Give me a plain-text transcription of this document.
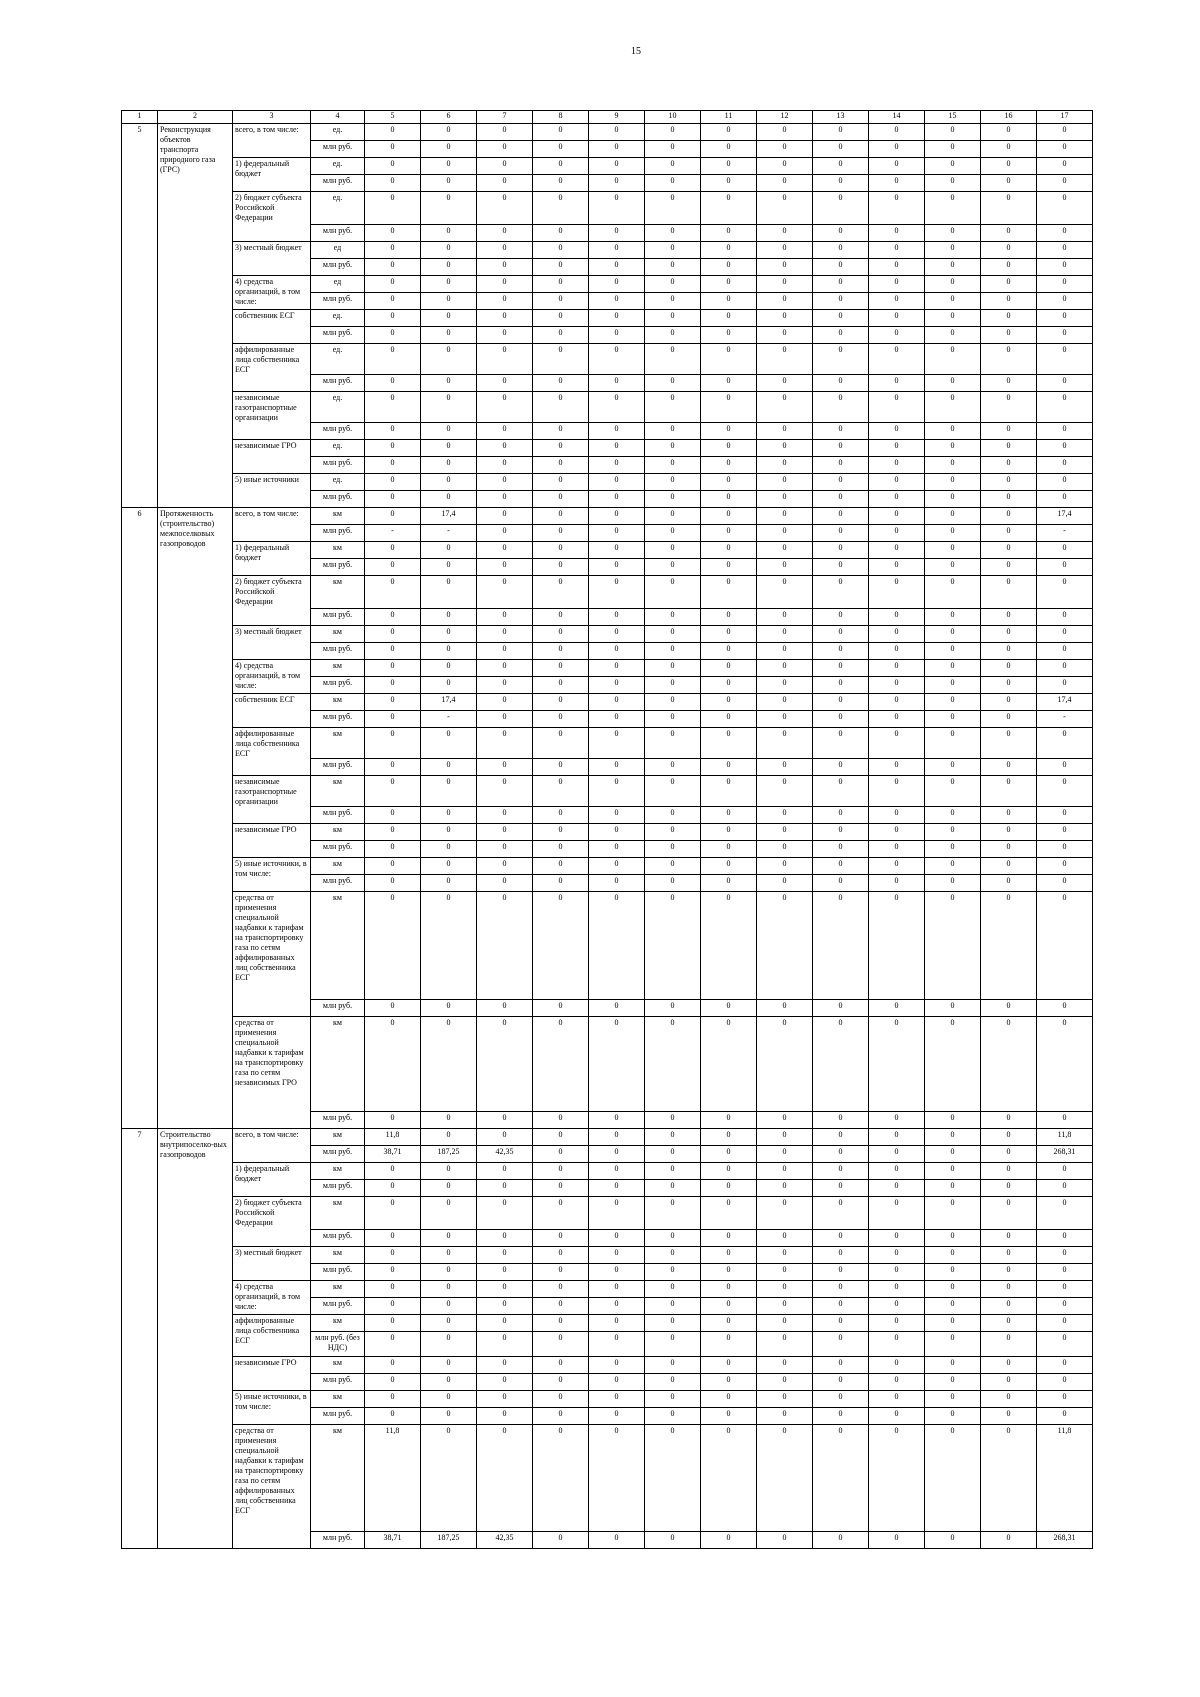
15
1	2	3	4	5	6	7	8	9	10	11	12	13	14	15	16	17
5	Реконструкция объектов транспорта природного газа (ГРС)	всего, в том числе:	ед.	0	0	0	0	0	0	0	0	0	0	0	0	0
			млн руб.	0	0	0	0	0	0	0	0	0	0	0	0	0
		1) федеральный бюджет	ед.	0	0	0	0	0	0	0	0	0	0	0	0	0
			млн руб.	0	0	0	0	0	0	0	0	0	0	0	0	0
		2) бюджет субъекта Российской Федерации	ед.	0	0	0	0	0	0	0	0	0	0	0	0	0
			млн руб.	0	0	0	0	0	0	0	0	0	0	0	0	0
		3) местный бюджет	ед	0	0	0	0	0	0	0	0	0	0	0	0	0
			млн руб.	0	0	0	0	0	0	0	0	0	0	0	0	0
		4) средства организаций, в том числе:	ед	0	0	0	0	0	0	0	0	0	0	0	0	0
			млн руб.	0	0	0	0	0	0	0	0	0	0	0	0	0
		собственник ЕСГ	ед.	0	0	0	0	0	0	0	0	0	0	0	0	0
			млн руб.	0	0	0	0	0	0	0	0	0	0	0	0	0
		аффилированные лица собственника ЕСГ	ед.	0	0	0	0	0	0	0	0	0	0	0	0	0
			млн руб.	0	0	0	0	0	0	0	0	0	0	0	0	0
		независимые газотранспортные организации	ед.	0	0	0	0	0	0	0	0	0	0	0	0	0
			млн руб.	0	0	0	0	0	0	0	0	0	0	0	0	0
		независимые ГРО	ед.	0	0	0	0	0	0	0	0	0	0	0	0	0
			млн руб.	0	0	0	0	0	0	0	0	0	0	0	0	0
		5) иные источники	ед.	0	0	0	0	0	0	0	0	0	0	0	0	0
			млн руб.	0	0	0	0	0	0	0	0	0	0	0	0	0
6	Протяженность (строительство) межпоселковых газопроводов	всего, в том числе:	км	0	17,4	0	0	0	0	0	0	0	0	0	0	17,4
			млн руб.	-	-	0	0	0	0	0	0	0	0	0	0	-
		1) федеральный бюджет	км	0	0	0	0	0	0	0	0	0	0	0	0	0
			млн руб.	0	0	0	0	0	0	0	0	0	0	0	0	0
		2) бюджет субъекта Российской Федерации	км	0	0	0	0	0	0	0	0	0	0	0	0	0
			млн руб.	0	0	0	0	0	0	0	0	0	0	0	0	0
		3) местный бюджет	км	0	0	0	0	0	0	0	0	0	0	0	0	0
			млн руб.	0	0	0	0	0	0	0	0	0	0	0	0	0
		4) средства организаций, в том числе:	км	0	0	0	0	0	0	0	0	0	0	0	0	0
			млн руб.	0	0	0	0	0	0	0	0	0	0	0	0	0
		собственник ЕСГ	км	0	17,4	0	0	0	0	0	0	0	0	0	0	17,4
			млн руб.	0	-	0	0	0	0	0	0	0	0	0	0	-
		аффилированные лица собственника ЕСГ	км	0	0	0	0	0	0	0	0	0	0	0	0	0
			млн руб.	0	0	0	0	0	0	0	0	0	0	0	0	0
		независимые газотранспортные организации	км	0	0	0	0	0	0	0	0	0	0	0	0	0
			млн руб.	0	0	0	0	0	0	0	0	0	0	0	0	0
		независимые ГРО	км	0	0	0	0	0	0	0	0	0	0	0	0	0
			млн руб.	0	0	0	0	0	0	0	0	0	0	0	0	0
		5) иные источники, в том числе:	км	0	0	0	0	0	0	0	0	0	0	0	0	0
			млн руб.	0	0	0	0	0	0	0	0	0	0	0	0	0
		средства от применения специальной надбавки к тарифам на транспортировку газа по сетям аффилированных лиц собственника ЕСГ	км	0	0	0	0	0	0	0	0	0	0	0	0	0
			млн руб.	0	0	0	0	0	0	0	0	0	0	0	0	0
		средства от применения специальной надбавки к тарифам на транспортировку газа по сетям независимых ГРО	км	0	0	0	0	0	0	0	0	0	0	0	0	0
			млн руб.	0	0	0	0	0	0	0	0	0	0	0	0	0
7	Строительство внутрипоселко-вых газопроводов	всего, в том числе:	км	11,8	0	0	0	0	0	0	0	0	0	0	0	11,8
			млн руб.	38,71	187,25	42,35	0	0	0	0	0	0	0	0	0	268,31
		1) федеральный бюджет	км	0	0	0	0	0	0	0	0	0	0	0	0	0
			млн руб.	0	0	0	0	0	0	0	0	0	0	0	0	0
		2) бюджет субъекта Российской Федерации	км	0	0	0	0	0	0	0	0	0	0	0	0	0
			млн руб.	0	0	0	0	0	0	0	0	0	0	0	0	0
		3) местный бюджет	км	0	0	0	0	0	0	0	0	0	0	0	0	0
			млн руб.	0	0	0	0	0	0	0	0	0	0	0	0	0
		4) средства организаций, в том числе:	км	0	0	0	0	0	0	0	0	0	0	0	0	0
			млн руб.	0	0	0	0	0	0	0	0	0	0	0	0	0
		аффилированные лица собственника ЕСГ	км	0	0	0	0	0	0	0	0	0	0	0	0	0
			млн руб. (без НДС)	0	0	0	0	0	0	0	0	0	0	0	0	0
		независимые ГРО	км	0	0	0	0	0	0	0	0	0	0	0	0	0
			млн руб.	0	0	0	0	0	0	0	0	0	0	0	0	0
		5) иные источники, в том числе:	км	0	0	0	0	0	0	0	0	0	0	0	0	0
			млн руб.	0	0	0	0	0	0	0	0	0	0	0	0	0
		средства от применения специальной надбавки к тарифам на транспортировку газа по сетям аффилированных лиц собственника ЕСГ	км	11,8	0	0	0	0	0	0	0	0	0	0	0	11,8
			млн руб.	38,71	187,25	42,35	0	0	0	0	0	0	0	0	0	268,31
